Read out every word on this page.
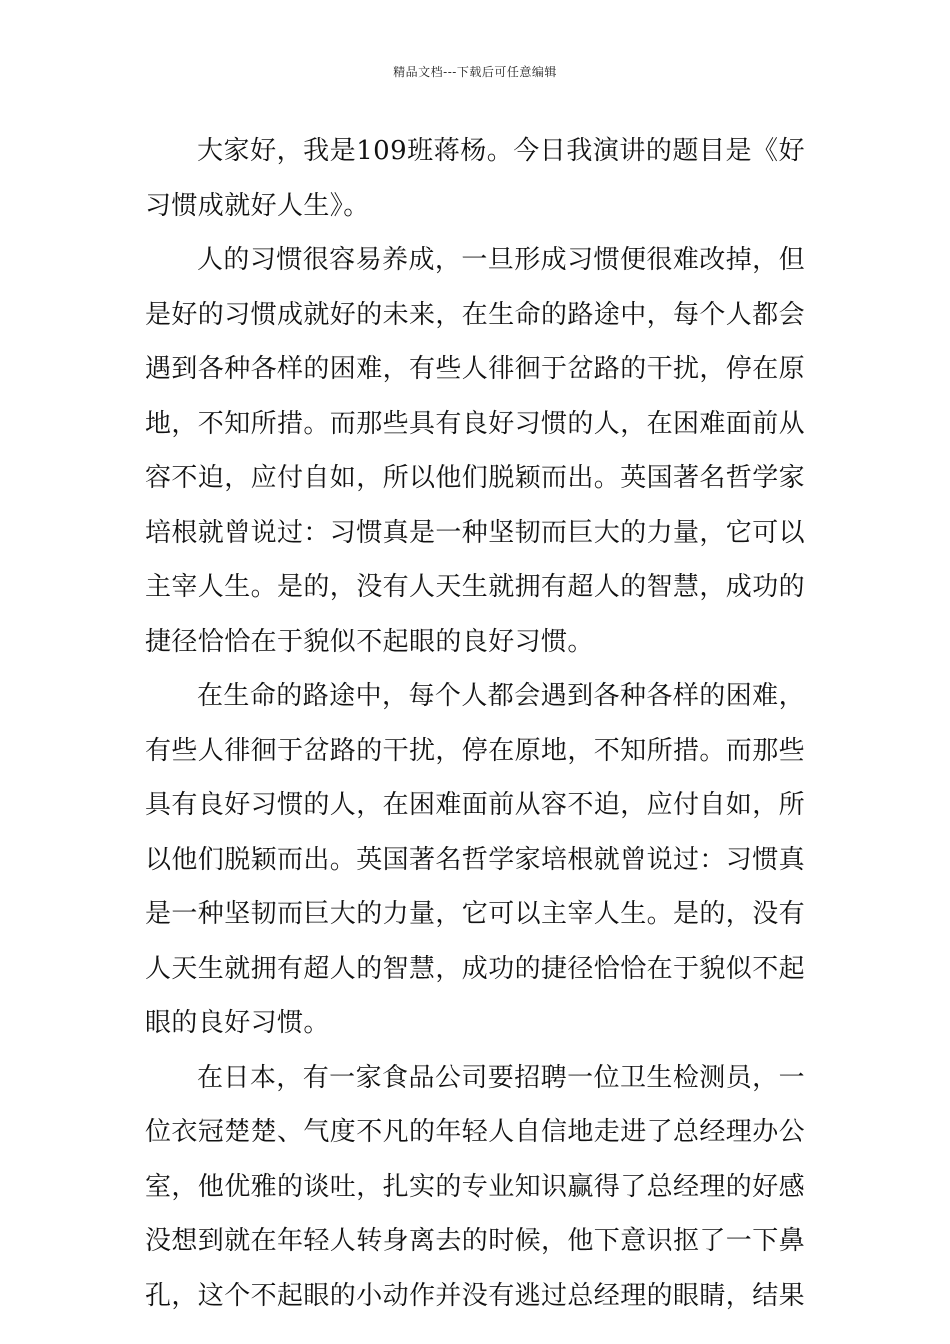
精品文档---下载后可任意编辑

大家好，我是109班蒋杨。今日我演讲的题目是《好习惯成就好人生》。

人的习惯很容易养成，一旦形成习惯便很难改掉，但是好的习惯成就好的未来，在生命的路途中，每个人都会遇到各种各样的困难，有些人徘徊于岔路的干扰，停在原地，不知所措。而那些具有良好习惯的人，在困难面前从容不迫，应付自如，所以他们脱颖而出。英国著名哲学家培根就曾说过：习惯真是一种坚韧而巨大的力量，它可以主宰人生。是的，没有人天生就拥有超人的智慧，成功的捷径恰恰在于貌似不起眼的良好习惯。

在生命的路途中，每个人都会遇到各种各样的困难，有些人徘徊于岔路的干扰，停在原地，不知所措。而那些具有良好习惯的人，在困难面前从容不迫，应付自如，所以他们脱颖而出。英国著名哲学家培根就曾说过：习惯真是一种坚韧而巨大的力量，它可以主宰人生。是的，没有人天生就拥有超人的智慧，成功的捷径恰恰在于貌似不起眼的良好习惯。

在日本，有一家食品公司要招聘一位卫生检测员，一位衣冠楚楚、气度不凡的年轻人自信地走进了总经理办公室，他优雅的谈吐，扎实的专业知识赢得了总经理的好感没想到就在年轻人转身离去的时候，他下意识抠了一下鼻孔，这个不起眼的小动作并没有逃过总经理的眼睛，结果
